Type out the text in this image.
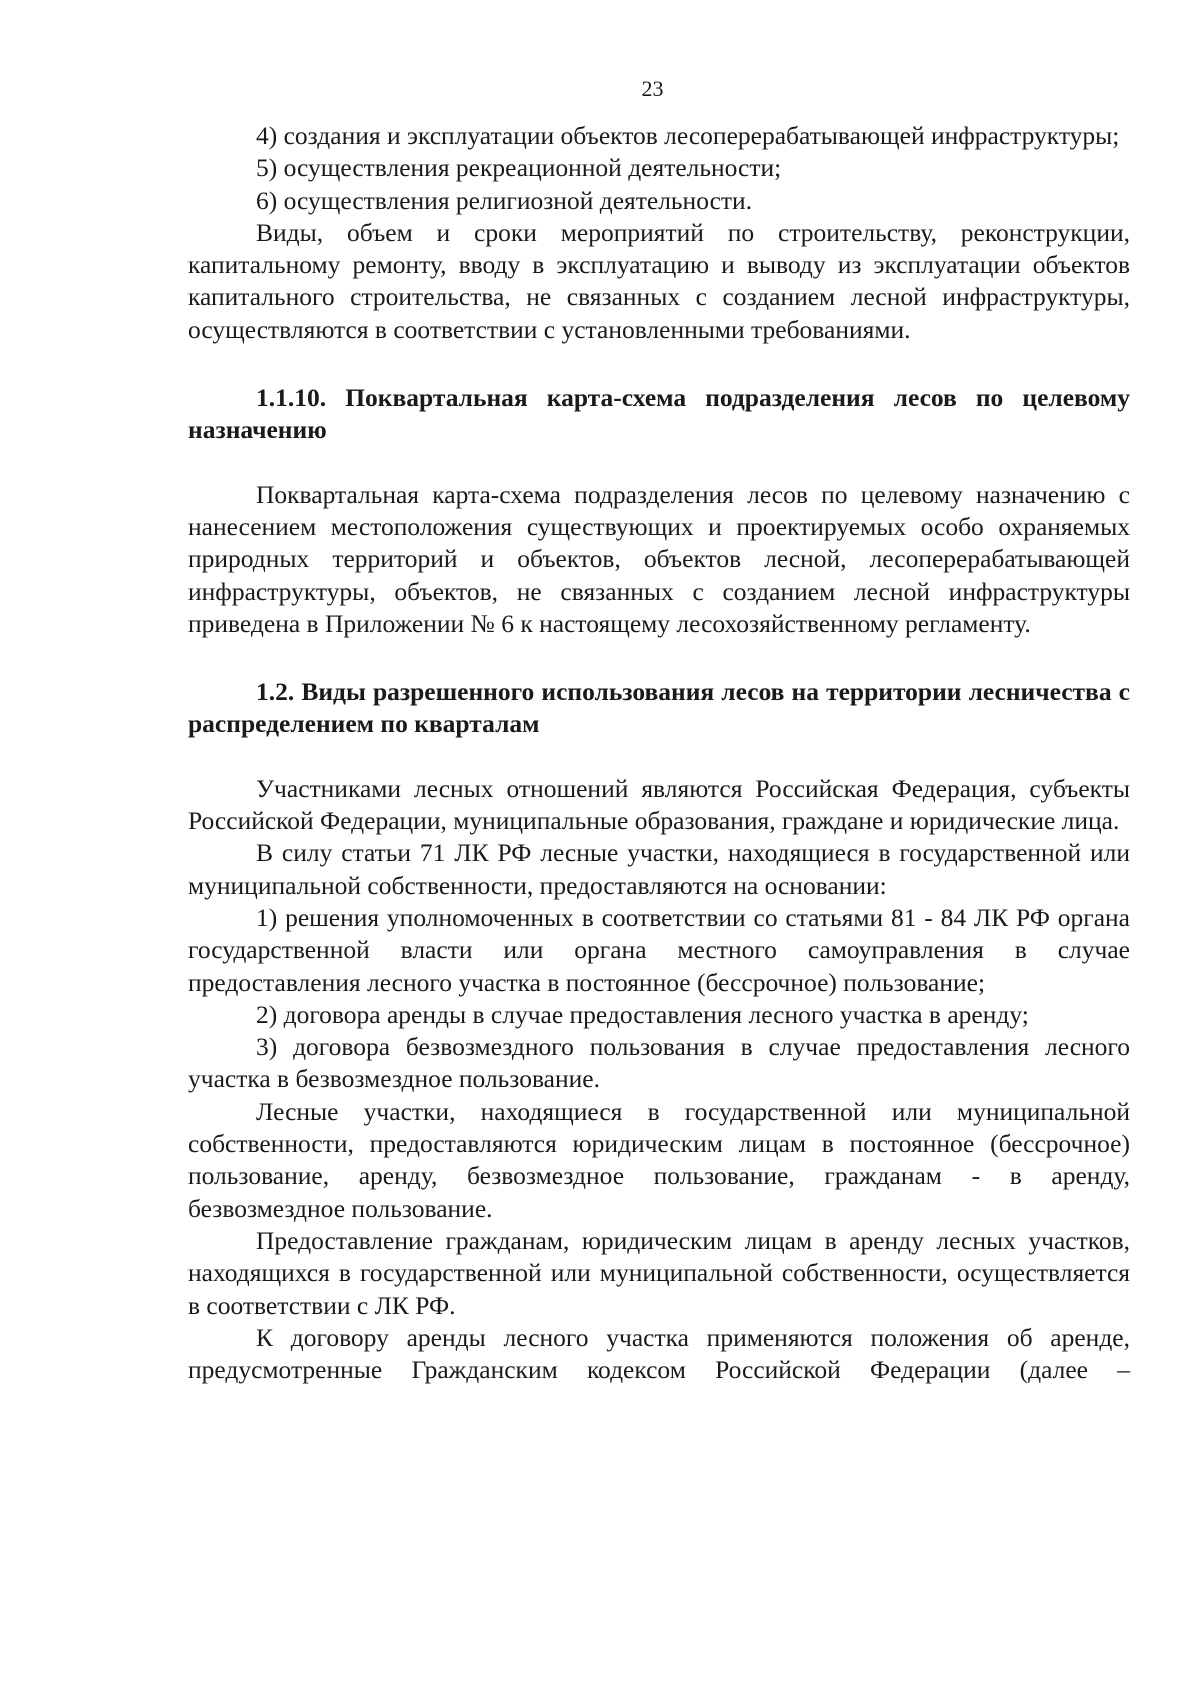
23

4) создания и эксплуатации объектов лесоперерабатывающей инфраструктуры;

5) осуществления рекреационной деятельности;

6) осуществления религиозной деятельности.

Виды, объем и сроки мероприятий по строительству, реконструкции, капитальному ремонту, вводу в эксплуатацию и выводу из эксплуатации объектов капитального строительства, не связанных с созданием лесной инфраструктуры, осуществляются в соответствии с установленными требованиями.

1.1.10. Поквартальная карта-схема подразделения лесов по целевому назначению

Поквартальная карта-схема подразделения лесов по целевому назначению с нанесением местоположения существующих и проектируемых особо охраняемых природных территорий и объектов, объектов лесной, лесоперерабатывающей инфраструктуры, объектов, не связанных с созданием лесной инфраструктуры приведена в Приложении № 6 к настоящему лесохозяйственному регламенту.

1.2. Виды разрешенного использования лесов на территории лесничества с распределением по кварталам

Участниками лесных отношений являются Российская Федерация, субъекты Российской Федерации, муниципальные образования, граждане и юридические лица.

В силу статьи 71 ЛК РФ лесные участки, находящиеся в государственной или муниципальной собственности, предоставляются на основании:

1) решения уполномоченных в соответствии со статьями 81 - 84 ЛК РФ органа государственной власти или органа местного самоуправления в случае предоставления лесного участка в постоянное (бессрочное) пользование;

2) договора аренды в случае предоставления лесного участка в аренду;

3) договора безвозмездного пользования в случае предоставления лесного участка в безвозмездное пользование.

Лесные участки, находящиеся в государственной или муниципальной собственности, предоставляются юридическим лицам в постоянное (бессрочное) пользование, аренду, безвозмездное пользование, гражданам - в аренду, безвозмездное пользование.

Предоставление гражданам, юридическим лицам в аренду лесных участков, находящихся в государственной или муниципальной собственности, осуществляется в соответствии с ЛК РФ.

К договору аренды лесного участка применяются положения об аренде, предусмотренные Гражданским кодексом Российской Федерации (далее –
